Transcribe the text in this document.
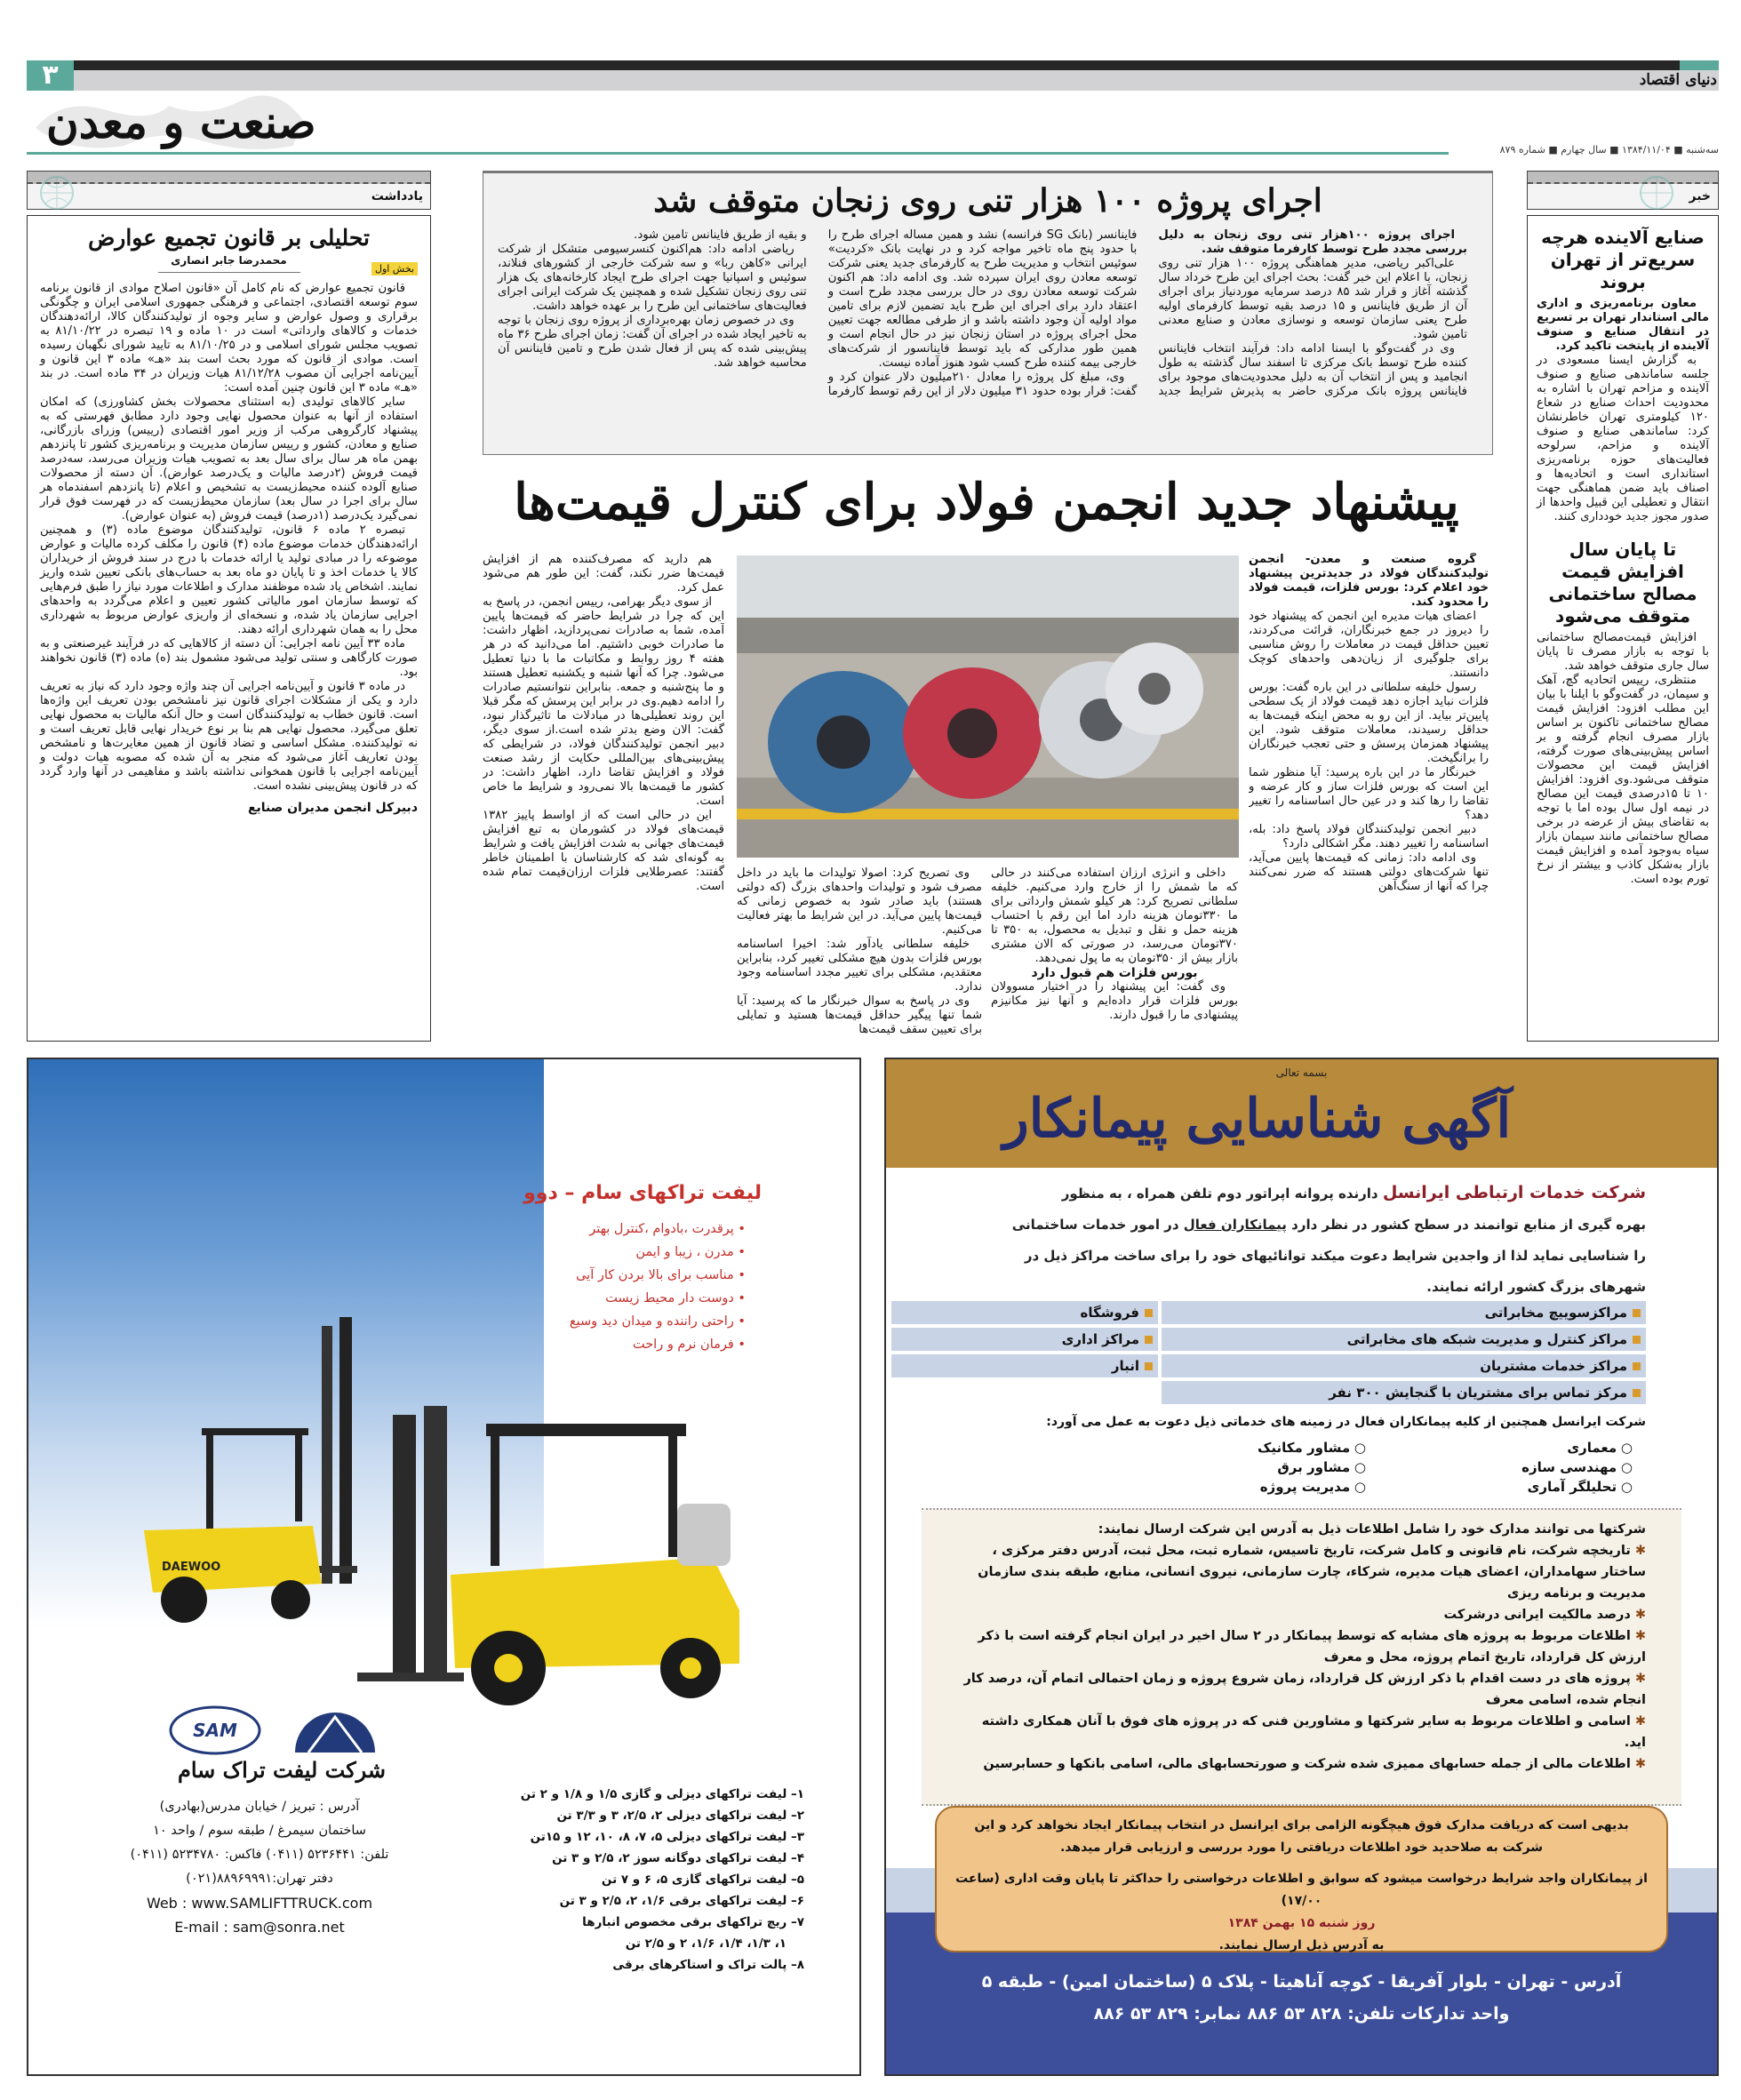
۳	دنیای اقتصاد
صنعت و معدن
سه‌شنبه ■ ۱۳۸۴/۱۱/۰۴ ■ سال چهارم ■ شماره ۸۷۹
یادداشت
تحلیلی بر قانون تجمیع عوارض
محمدرضا جابر انصاری
بخش اول

قانون تجمیع عوارض که نام کامل آن «قانون اصلاح موادی از قانون برنامه سوم توسعه اقتصادی، اجتماعی و فرهنگی جمهوری اسلامی ایران و چگونگی برقراری و وصول عوارض و سایر وجوه از تولیدکنندگان کالا، ارائه‌دهندگان خدمات و کالاهای وارداتی» است در ۱۰ ماده و ۱۹ تبصره در ۸۱/۱۰/۲۲ به تصویب مجلس شورای اسلامی و در ۸۱/۱۰/۲۵ به تایید شورای نگهبان رسیده است. موادی از قانون که مورد بحث است بند «هـ» ماده ۳ این قانون و آیین‌نامه اجرایی آن مصوب ۸۱/۱۲/۲۸ هیات وزیران در ۳۴ ماده است. در بند «هـ» ماده ۳ این قانون چنین آمده است:

سایر کالاهای تولیدی (به استثنای محصولات بخش کشاورزی) که امکان استفاده از آنها به عنوان محصول نهایی وجود دارد مطابق فهرستی که به پیشنهاد کارگروهی مرکب از وزیر امور اقتصادی (رییس) وزرای بازرگانی، صنایع و معادن، کشور و رییس سازمان مدیریت و برنامه‌ریزی کشور تا پانزدهم بهمن ماه هر سال برای سال بعد به تصویب هیات وزیران می‌رسد، سه‌درصد قیمت فروش (۲درصد مالیات و یک‌درصد عوارض). آن دسته از محصولات صنایع آلوده کننده محیط‌زیست به تشخیص و اعلام (تا پانزدهم اسفندماه هر سال برای اجرا در سال بعد) سازمان محیط‌زیست که در فهرست فوق قرار نمی‌گیرد یک‌درصد (۱درصد) قیمت فروش (به عنوان عوارض).

تبصره ۲ ماده ۶ قانون، تولیدکنندگان موضوع ماده (۳) و همچنین ارائه‌دهندگان خدمات موضوع ماده (۴) قانون را مکلف کرده مالیات و عوارض موضوعه را در مبادی تولید یا ارائه خدمات با درج در سند فروش از خریداران کالا یا خدمات اخذ و تا پایان دو ماه بعد به حساب‌های بانکی تعیین شده واریز نمایند. اشخاص یاد شده موظفند مدارک و اطلاعات مورد نیاز را طبق فرم‌هایی که توسط سازمان امور مالیاتی کشور تعیین و اعلام می‌گردد به واحدهای اجرایی سازمان یاد شده، و نسخه‌ای از واریزی عوارض مربوط به شهرداری محل را به همان شهرداری ارائه دهند.

ماده ۳۳ آیین نامه اجرایی: آن دسته از کالاهایی که در فرآیند غیرصنعتی و به صورت کارگاهی و سنتی تولید می‌شود مشمول بند (ه) ماده (۳) قانون نخواهند بود.

در ماده ۳ قانون و آیین‌نامه اجرایی آن چند واژه وجود دارد که نیاز به تعریف دارد و یکی از مشکلات اجرای قانون نیز نامشخص بودن تعریف این واژه‌ها است. قانون خطاب به تولیدکنندگان است و حال آنکه مالیات به محصول نهایی تعلق می‌گیرد. محصول نهایی هم بنا بر نوع خریدار نهایی قابل تعریف است و نه تولیدکننده. مشکل اساسی و تضاد قانون از همین مغایرت‌ها و نامشخص بودن تعاریف آغاز می‌شود که منجر به آن شده که مصوبه هیات دولت و آیین‌نامه اجرایی با قانون همخوانی نداشته باشد و مفاهیمی در آنها وارد گردد که در قانون پیش‌بینی نشده است.

دبیرکل انجمن مدیران صنایع
اجرای پروژه ۱۰۰ هزار تنی روی زنجان متوقف شد

اجرای پروژه ۱۰۰هزار تنی روی زنجان به دلیل بررسی مجدد طرح توسط کارفرما متوقف شد.

علی‌اکبر ریاضی، مدیر هماهنگی پروژه ۱۰۰ هزار تنی روی زنجان، با اعلام این خبر گفت: بحث اجرای این طرح خرداد سال گذشته آغاز و قرار شد ۸۵ درصد سرمایه موردنیاز برای اجرای آن از طریق فاینانس و ۱۵ درصد بقیه توسط کارفرمای اولیه طرح یعنی سازمان توسعه و نوسازی معادن و صنایع معدنی تامین شود.

وی در گفت‌وگو با ایسنا ادامه داد: فرآیند انتخاب فاینانس کننده طرح توسط بانک مرکزی تا اسفند سال گذشته به طول انجامید و پس از انتخاب آن به دلیل محدودیت‌های موجود برای فاینانس پروژه بانک مرکزی حاضر به پذیرش شرایط جدید فاینانسر (بانک SG فرانسه) نشد و همین مساله اجرای طرح را با حدود پنج ماه تاخیر مواجه کرد و در نهایت بانک «کردیت» سوئیس انتخاب و مدیریت طرح به کارفرمای جدید یعنی شرکت توسعه معادن روی ایران سپرده شد. وی ادامه داد: هم اکنون شرکت توسعه معادن روی در حال بررسی مجدد طرح است و اعتقاد دارد برای اجرای این طرح باید تضمین لازم برای تامین مواد اولیه آن وجود داشته باشد و از طرفی مطالعه جهت تعیین محل اجرای پروژه در استان زنجان نیز در حال انجام است و همین طور مدارکی که باید توسط فاینانسور از شرکت‌های خارجی بیمه کننده طرح کسب شود هنوز آماده نیست.

وی، مبلغ کل پروژه را معادل ۲۱۰میلیون دلار عنوان کرد و گفت: قرار بوده حدود ۳۱ میلیون دلار از این رقم توسط کارفرما و بقیه از طریق فاینانس تامین شود.

ریاضی ادامه داد: هم‌اکنون کنسرسیومی متشکل از شرکت ایرانی «کاهن ربا» و سه شرکت خارجی از کشورهای فنلاند، سوئیس و اسپانیا جهت اجرای طرح ایجاد کارخانه‌های یک هزار تنی روی زنجان تشکیل شده و همچنین یک شرکت ایرانی اجرای فعالیت‌های ساختمانی این طرح را بر عهده خواهد داشت.

وی در خصوص زمان بهره‌برداری از پروژه روی زنجان با توجه به تاخیر ایجاد شده در اجرای آن گفت: زمان اجرای طرح ۳۶ ماه پیش‌بینی شده که پس از فعال شدن طرح و تامین فاینانس آن محاسبه خواهد شد.

پیشنهاد جدید انجمن فولاد برای کنترل قیمت‌ها

گروه صنعت و معدن- انجمن تولیدکنندگان فولاد در جدیدترین پیشنهاد خود اعلام کرد: بورس فلزات، قیمت فولاد را محدود کند.

اعضای هیات مدیره این انجمن که پیشنهاد خود را دیروز در جمع خبرنگاران، قرائت می‌کردند، تعیین حداقل قیمت در معاملات را روش مناسبی برای جلوگیری از زیان‌دهی واحدهای کوچک دانستند.

رسول خلیفه سلطانی در این باره گفت: بورس فلزات نباید اجازه دهد قیمت فولاد از یک سطحی پایین‌تر بیاید. از این رو به محض اینکه قیمت‌ها به حداقل رسیدند، معاملات متوقف شود. این پیشنهاد همزمان پرسش و حتی تعجب خبرنگاران را برانگیخت.

خبرنگار ما در این باره پرسید: آیا منظور شما این است که بورس فلزات ساز و کار عرضه و تقاضا را رها کند و در عین حال اساسنامه را تغییر دهد؟

دبیر انجمن تولیدکنندگان فولاد پاسخ داد: بله، اساسنامه را تغییر دهند. مگر اشکالی دارد؟

وی ادامه داد: زمانی که قیمت‌ها پایین می‌آید، تنها شرکت‌های دولتی هستند که ضرر نمی‌کنند چرا که آنها از سنگ‌آهن

داخلی و انرژی ارزان استفاده می‌کنند در حالی که ما شمش را از خارج وارد می‌کنیم. خلیفه سلطانی تصریح کرد: هر کیلو شمش وارداتی برای ما ۳۳۰تومان هزینه دارد اما این رقم با احتساب هزینه حمل و نقل و تبدیل به محصول، به ۳۵۰ تا ۳۷۰تومان می‌رسد، در صورتی که الان مشتری بازار بیش از ۳۵۰تومان به ما پول نمی‌دهد.

بورس فلزات هم قبول دارد

وی گفت: این پیشنهاد را در اختیار مسوولان بورس فلزات قرار داده‌ایم و آنها نیز مکانیزم پیشنهادی ما را قبول دارند.

وی تصریح کرد: اصولا تولیدات ما باید در داخل مصرف شود و تولیدات واحدهای بزرگ (که دولتی هستند) باید صادر شود به خصوص زمانی که قیمت‌ها پایین می‌آید. در این شرایط ما بهتر فعالیت می‌کنیم.

خلیفه سلطانی یادآور شد: اخیرا اساسنامه بورس فلزات بدون هیچ مشکلی تغییر کرد، بنابراین معتقدیم، مشکلی برای تغییر مجدد اساسنامه وجود ندارد.

وی در پاسخ به سوال خبرنگار ما که پرسید: آیا شما تنها پیگیر حداقل قیمت‌ها هستید و تمایلی برای تعیین سقف قیمت‌ها

هم دارید که مصرف‌کننده هم از افزایش قیمت‌ها ضرر نکند، گفت: این طور هم می‌شود عمل کرد.

از سوی دیگر بهرامی، رییس انجمن، در پاسخ به این که چرا در شرایط حاضر که قیمت‌ها پایین آمده، شما به صادرات نمی‌پردازید، اظهار داشت: ما صادرات خوبی داشتیم. اما می‌دانید که در هر هفته ۴ روز روابط و مکاتبات ما با دنیا تعطیل می‌شود. چرا که آنها شنبه و یکشنبه تعطیل هستند و ما پنج‌شنبه و جمعه. بنابراین نتوانستیم صادرات را ادامه دهیم.وی در برابر این پرسش که مگر قبلا این روند تعطیلی‌ها در مبادلات ما تاثیرگذار نبود، گفت: الان وضع بدتر شده است.از سوی دیگر، دبیر انجمن تولیدکنندگان فولاد، در شرایطی که پیش‌بینی‌های بین‌المللی حکایت از رشد صنعت فولاد و افزایش تقاضا دارد، اظهار داشت: در کشور ما قیمت‌ها بالا نمی‌رود و شرایط ما خاص است.

این در حالی است که از اواسط پاییز ۱۳۸۲ قیمت‌های فولاد در کشورمان به تبع افزایش قیمت‌های جهانی به شدت افزایش یافت و شرایط به گونه‌ای شد که کارشناسان با اطمینان خاطر گفتند: عصرطلایی فلزات ارزان‌قیمت تمام شده است.

خبر
صنایع آلاینده هرچه سریع‌تر از تهران بروند

معاون برنامه‌ریزی و اداری مالی استاندار تهران بر تسریع در انتقال صنایع و صنوف آلاینده از پایتخت تاکید کرد.

به گزارش ایسنا مسعودی در جلسه ساماندهی صنایع و صنوف آلاینده و مزاحم تهران با اشاره به محدودیت احداث صنایع در شعاع ۱۲۰ کیلومتری تهران خاطرنشان کرد: ساماندهی صنایع و صنوف آلاینده و مزاحم، سرلوحه فعالیت‌های حوزه برنامه‌ریزی استانداری است و اتحادیه‌ها و اصناف باید ضمن هماهنگی جهت انتقال و تعطیلی این قبیل واحدها از صدور مجوز جدید خودداری کنند.

تا پایان سال افزایش قیمت مصالح ساختمانی متوقف می‌شود

افزایش قیمت‌مصالح ساختمانی با توجه به بازار مصرف تا پایان سال جاری متوقف خواهد شد.

منتظری، رییس اتحادیه گچ، آهک و سیمان، در گفت‌وگو با ایلنا با بیان این مطلب افزود: افزایش قیمت مصالح ساختمانی تاکنون بر اساس بازار مصرف انجام گرفته و بر اساس پیش‌بینی‌های صورت گرفته، افزایش قیمت این محصولات متوقف می‌شود.وی افزود: افزایش ۱۰ تا ۱۵درصدی قیمت این مصالح در نیمه اول سال بوده اما با توجه به تقاضای بیش از عرضه در برخی مصالح ساختمانی مانند سیمان بازار سیاه به‌وجود آمده و افزایش قیمت بازار به‌شکل کاذب و بیشتر از نرخ تورم بوده است.

لیفت تراکهای سام – دوو
• پرقدرت ،بادوام ،کنترل بهتر
• مدرن ، زیبا و ایمن
• مناسب برای بالا بردن کار آیی
• دوست دار محیط زیست
• راحتی راننده و میدان دید وسیع
• فرمان نرم و راحت
DAEWOO
SAM
شرکت لیفت تراک سام
آدرس : تبریز / خیابان مدرس(بهادری)
ساختمان سیمرغ / طبقه سوم / واحد ۱۰
تلفن: ۵۲۳۶۴۴۱ (۰۴۱۱) فاکس: ۵۲۳۴۷۸۰ (۰۴۱۱)
دفتر تهران:۸۸۹۶۹۹۹۱(۰۲۱)
Web : www.SAMLIFTTRUCK.com
E-mail : sam@sonra.net
۱– لیفت تراکهای دیزلی و گازی ۱/۵ و ۱/۸ و ۲ تن
۲– لیفت تراکهای دیزلی ۲، ۲/۵، ۳ و ۳/۳ تن
۳– لیفت تراکهای دیزلی ۵، ۷، ۸، ۱۰، ۱۲ و ۱۵تن
۴– لیفت تراکهای دوگانه سوز ۲، ۲/۵ و ۳ تن
۵– لیفت تراکهای گازی ۵، ۶ و ۷ تن
۶– لیفت تراکهای برقی ۱/۶، ۲، ۲/۵ و ۳ تن
۷– ریچ تراکهای برقی مخصوص انبارها
۱، ۱/۳، ۱/۴، ۱/۶، ۲ و ۲/۵ تن
۸– پالت تراک و استاکرهای برقی
بسمه تعالی
آگهی شناسایی پیمانکار
شرکت خدمات ارتباطی ایرانسل دارنده پروانه اپراتور دوم تلفن همراه ، به منظور
بهره گیری از منابع توانمند در سطح کشور در نظر دارد پیمانکاران فعال در امور خدمات ساختمانی
را شناسایی نماید لذا از واجدین شرایط دعوت میکند توانائیهای خود را برای ساخت مراکز ذیل در
شهرهای بزرگ کشور ارائه نمایند.
مراکزسوییچ مخابراتی
فروشگاه
مراکز کنترل و مدیریت شبکه های مخابراتی
مراکز اداری
مراکز خدمات مشتریان
انبار
مرکز تماس برای مشتریان با گنجایش ۳۰۰ نفر
شرکت ایرانسل همچنین از کلیه پیمانکاران فعال در زمینه های خدماتی ذیل دعوت به عمل می آورد:
○ معماری
○ مشاور مکانیک
○ مهندسی سازه
○ مشاور برق
○ تحلیلگر آماری
○ مدیریت پروژه
شرکتها می توانند مدارک خود را شامل اطلاعات ذیل به آدرس این شرکت ارسال نمایند:
✱ تاریخچه شرکت، نام قانونی و کامل شرکت، تاریخ تاسیس، شماره ثبت، محل ثبت، آدرس دفتر مرکزی ، ساختار سهامداران، اعضای هیات مدیره، شرکاء، چارت سازمانی، نیروی انسانی، منابع، طبقه بندی سازمان مدیریت و برنامه ریزی
✱ درصد مالکیت ایرانی درشرکت
✱ اطلاعات مربوط به پروژه های مشابه که توسط پیمانکار در ۲ سال اخیر در ایران انجام گرفته است با ذکر ارزش کل قرارداد، تاریخ اتمام پروژه، محل و معرف
✱ پروژه های در دست اقدام با ذکر ارزش کل قرارداد، زمان شروع پروژه و زمان احتمالی اتمام آن، درصد کار انجام شده، اسامی معرف
✱ اسامی و اطلاعات مربوط به سایر شرکتها و مشاورین فنی که در پروژه های فوق با آنان همکاری داشته اید.
✱ اطلاعات مالی از جمله حسابهای ممیزی شده شرکت و صورتحسابهای مالی، اسامی بانکها و حسابرسین
بدیهی است که دریافت مدارک فوق هیچگونه الزامی برای ایرانسل در انتخاب پیمانکار ایجاد نخواهد کرد و این شرکت به صلاحدید خود اطلاعات دریافتی را مورد بررسی و ارزیابی قرار میدهد.
از پیمانکاران واجد شرایط درخواست میشود که سوابق و اطلاعات درخواستی را حداکثر تا پایان وقت اداری (ساعت ۱۷/۰۰)
روز شنبه ۱۵ بهمن ۱۳۸۴
به آدرس ذیل ارسال نمایند.
آدرس - تهران - بلوار آفریقا - کوچه آناهیتا - پلاک ۵ (ساختمان امین) - طبقه ۵
واحد تدارکات تلفن: ۸۲۸ ۵۳ ۸۸۶ نمابر: ۸۲۹ ۵۳ ۸۸۶
